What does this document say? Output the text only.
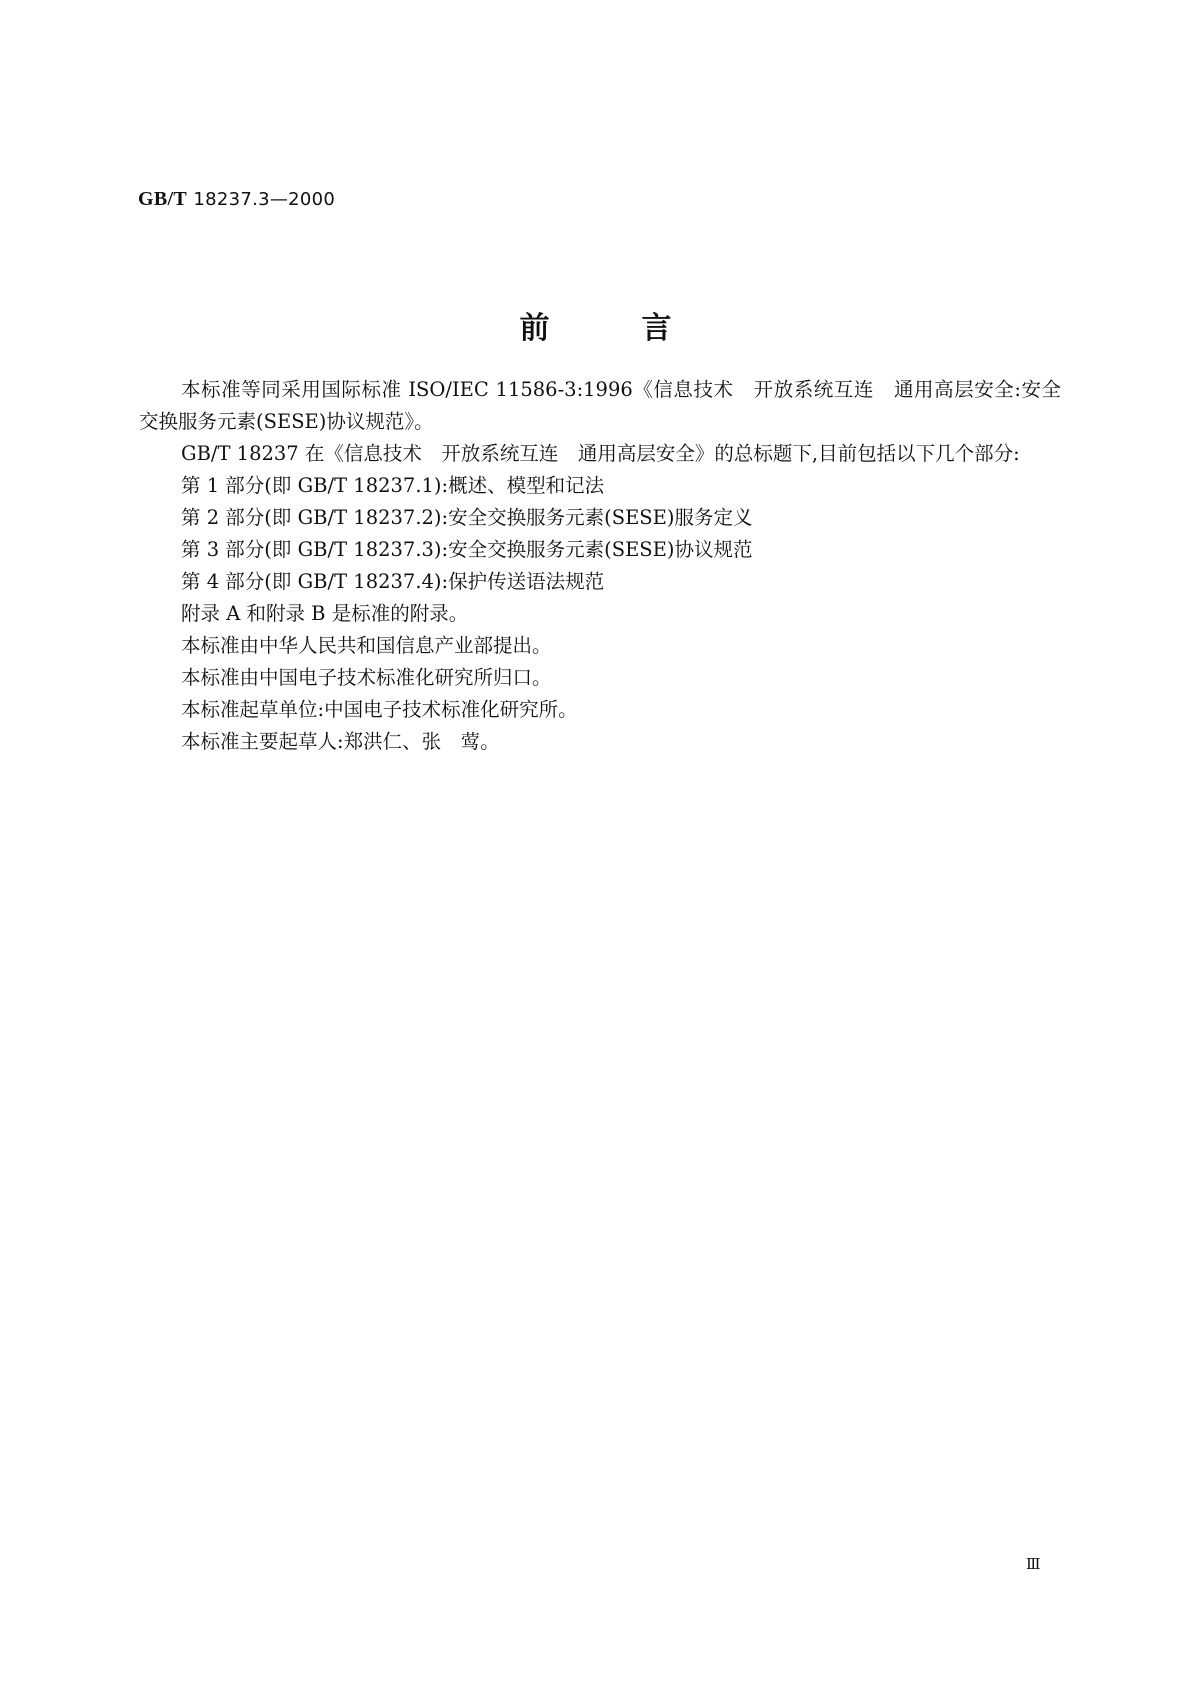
GB/T 18237.3—2000
前	言

本标准等同采用国际标准 ISO/IEC 11586-3:1996《信息技术　开放系统互连　通用高层安全:安全交换服务元素(SESE)协议规范》。

GB/T 18237 在《信息技术　开放系统互连　通用高层安全》的总标题下,目前包括以下几个部分:

第 1 部分(即 GB/T 18237.1):概述、模型和记法

第 2 部分(即 GB/T 18237.2):安全交换服务元素(SESE)服务定义

第 3 部分(即 GB/T 18237.3):安全交换服务元素(SESE)协议规范

第 4 部分(即 GB/T 18237.4):保护传送语法规范

附录 A 和附录 B 是标准的附录。

本标准由中华人民共和国信息产业部提出。

本标准由中国电子技术标准化研究所归口。

本标准起草单位:中国电子技术标准化研究所。

本标准主要起草人:郑洪仁、张　莺。

Ⅲ
